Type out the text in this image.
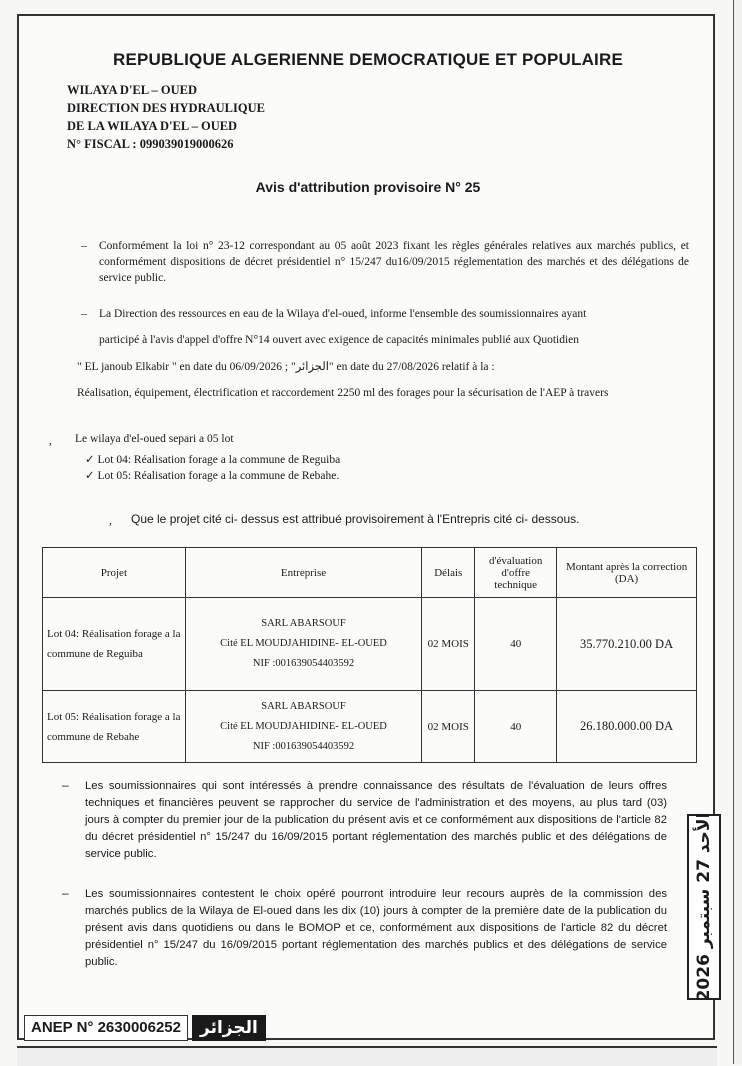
REPUBLIQUE ALGERIENNE DEMOCRATIQUE ET POPULAIRE
WILAYA D'EL – OUED
DIRECTION DES HYDRAULIQUE
DE LA WILAYA D'EL – OUED
N° FISCAL : 099039019000626
Avis d'attribution provisoire N° 25
– Conformément la loi n° 23-12 correspondant au 05 août 2023 fixant les règles générales relatives aux marchés publics, et conformément dispositions de décret présidentiel n° 15/247 du16/09/2015 réglementation des marchés et des délégations de service public.
– La Direction des ressources en eau de la Wilaya d'el-oued, informe l'ensemble des soumissionnaires ayant
participé à l'avis d'appel d'offre N°14 ouvert avec exigence de capacités minimales publié aux Quotidien
" EL janoub Elkabir " en date du 06/09/2026 ; "الجزائر" en date du 27/08/2026 relatif à la :
Réalisation, équipement, électrification et raccordement 2250 ml des forages pour la sécurisation de l'AEP à travers
, Le wilaya d'el-oued separi a 05 lot
✓ Lot 04: Réalisation forage a la commune de Reguiba
✓ Lot 05: Réalisation forage a la commune de Rebahe.
, Que le projet cité ci- dessus est attribué provisoirement à l'Entrepris cité ci- dessous.
Projet	Entreprise	Délais	d'évaluation d'offre technique	Montant après la correction (DA)
Lot 04: Réalisation forage a la commune de Reguiba	SARL ABARSOUF
Cité EL MOUDJAHIDINE- EL-OUED
NIF :001639054403592	02 MOIS	40	35.770.210.00 DA
Lot 05: Réalisation forage a la commune de Rebahe	SARL ABARSOUF
Cité EL MOUDJAHIDINE- EL-OUED
NIF :001639054403592	02 MOIS	40	26.180.000.00 DA
– Les soumissionnaires qui sont intéressés à prendre connaissance des résultats de l'évaluation de leurs offres techniques et financières peuvent se rapprocher du service de l'administration et des moyens, au plus tard (03) jours à compter du premier jour de la publication du présent avis et ce conformément aux dispositions de l'article 82 du décret présidentiel n° 15/247 du 16/09/2015 portant réglementation des marchés public et des délégations de service public.
– Les soumissionnaires contestent le choix opéré pourront introduire leur recours auprès de la commission des marchés publics de la Wilaya de El-oued dans les dix (10) jours à compter de la première date de la publication du présent avis dans quotidiens ou dans le BOMOP et ce, conformément aux dispositions de l'article 82 du décret présidentiel n° 15/247 du 16/09/2015 portant réglementation des marchés publics et des délégations de service public.	الأحد 27 سبتمبر 2026
ANEP N° 2630006252	الجزائر
